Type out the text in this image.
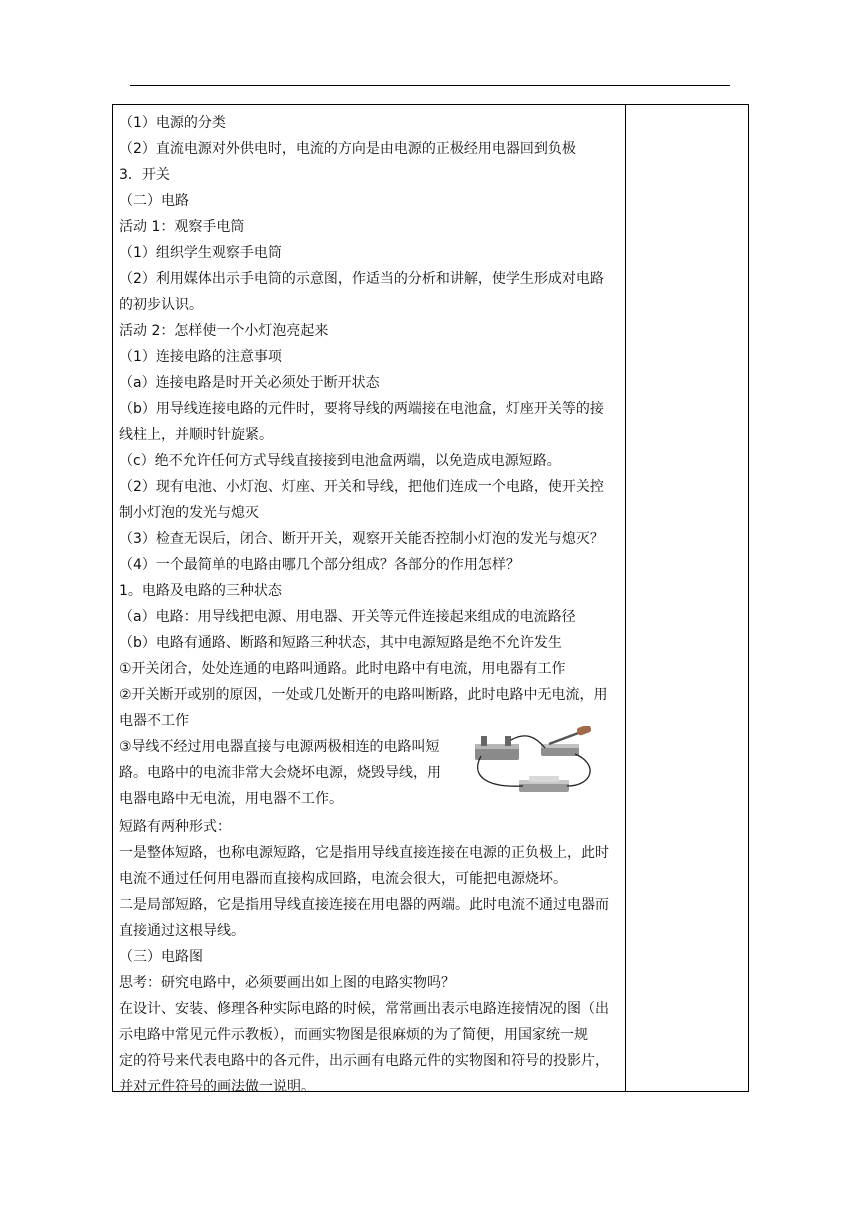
（1）电源的分类
（2）直流电源对外供电时，电流的方向是由电源的正极经用电器回到负极
3．开关
（二）电路
活动 1：观察手电筒
（1）组织学生观察手电筒
（2）利用媒体出示手电筒的示意图，作适当的分析和讲解，使学生形成对电路
的初步认识。
活动 2：怎样使一个小灯泡亮起来
（1）连接电路的注意事项
（a）连接电路是时开关必须处于断开状态
（b）用导线连接电路的元件时，要将导线的两端接在电池盒，灯座开关等的接
线柱上，并顺时针旋紧。
（c）绝不允许任何方式导线直接接到电池盒两端，以免造成电源短路。
（2）现有电池、小灯泡、灯座、开关和导线，把他们连成一个电路，使开关控
制小灯泡的发光与熄灭
（3）检查无误后，闭合、断开开关，观察开关能否控制小灯泡的发光与熄灭？
（4）一个最简单的电路由哪几个部分组成？各部分的作用怎样？
1。电路及电路的三种状态
（a）电路：用导线把电源、用电器、开关等元件连接起来组成的电流路径
（b）电路有通路、断路和短路三种状态，其中电源短路是绝不允许发生
①开关闭合，处处连通的电路叫通路。此时电路中有电流，用电器有工作
②开关断开或别的原因，一处或几处断开的电路叫断路，此时电路中无电流，用
电器不工作
③导线不经过用电器直接与电源两极相连的电路叫短
路。电路中的电流非常大会烧坏电源，烧毁导线，用
电器电路中无电流，用电器不工作。
短路有两种形式：
一是整体短路，也称电源短路，它是指用导线直接连接在电源的正负极上，此时
电流不通过任何用电器而直接构成回路，电流会很大，可能把电源烧坏。
二是局部短路，它是指用导线直接连接在用电器的两端。此时电流不通过电器而
直接通过这根导线。
（三）电路图
思考：研究电路中，必须要画出如上图的电路实物吗？
在设计、安装、修理各种实际电路的时候，常常画出表示电路连接情况的图（出
示电路中常见元件示教板），而画实物图是很麻烦的为了简便，用国家统一规
定的符号来代表电路中的各元件，出示画有电路元件的实物图和符号的投影片，
并对元件符号的画法做一说明。
